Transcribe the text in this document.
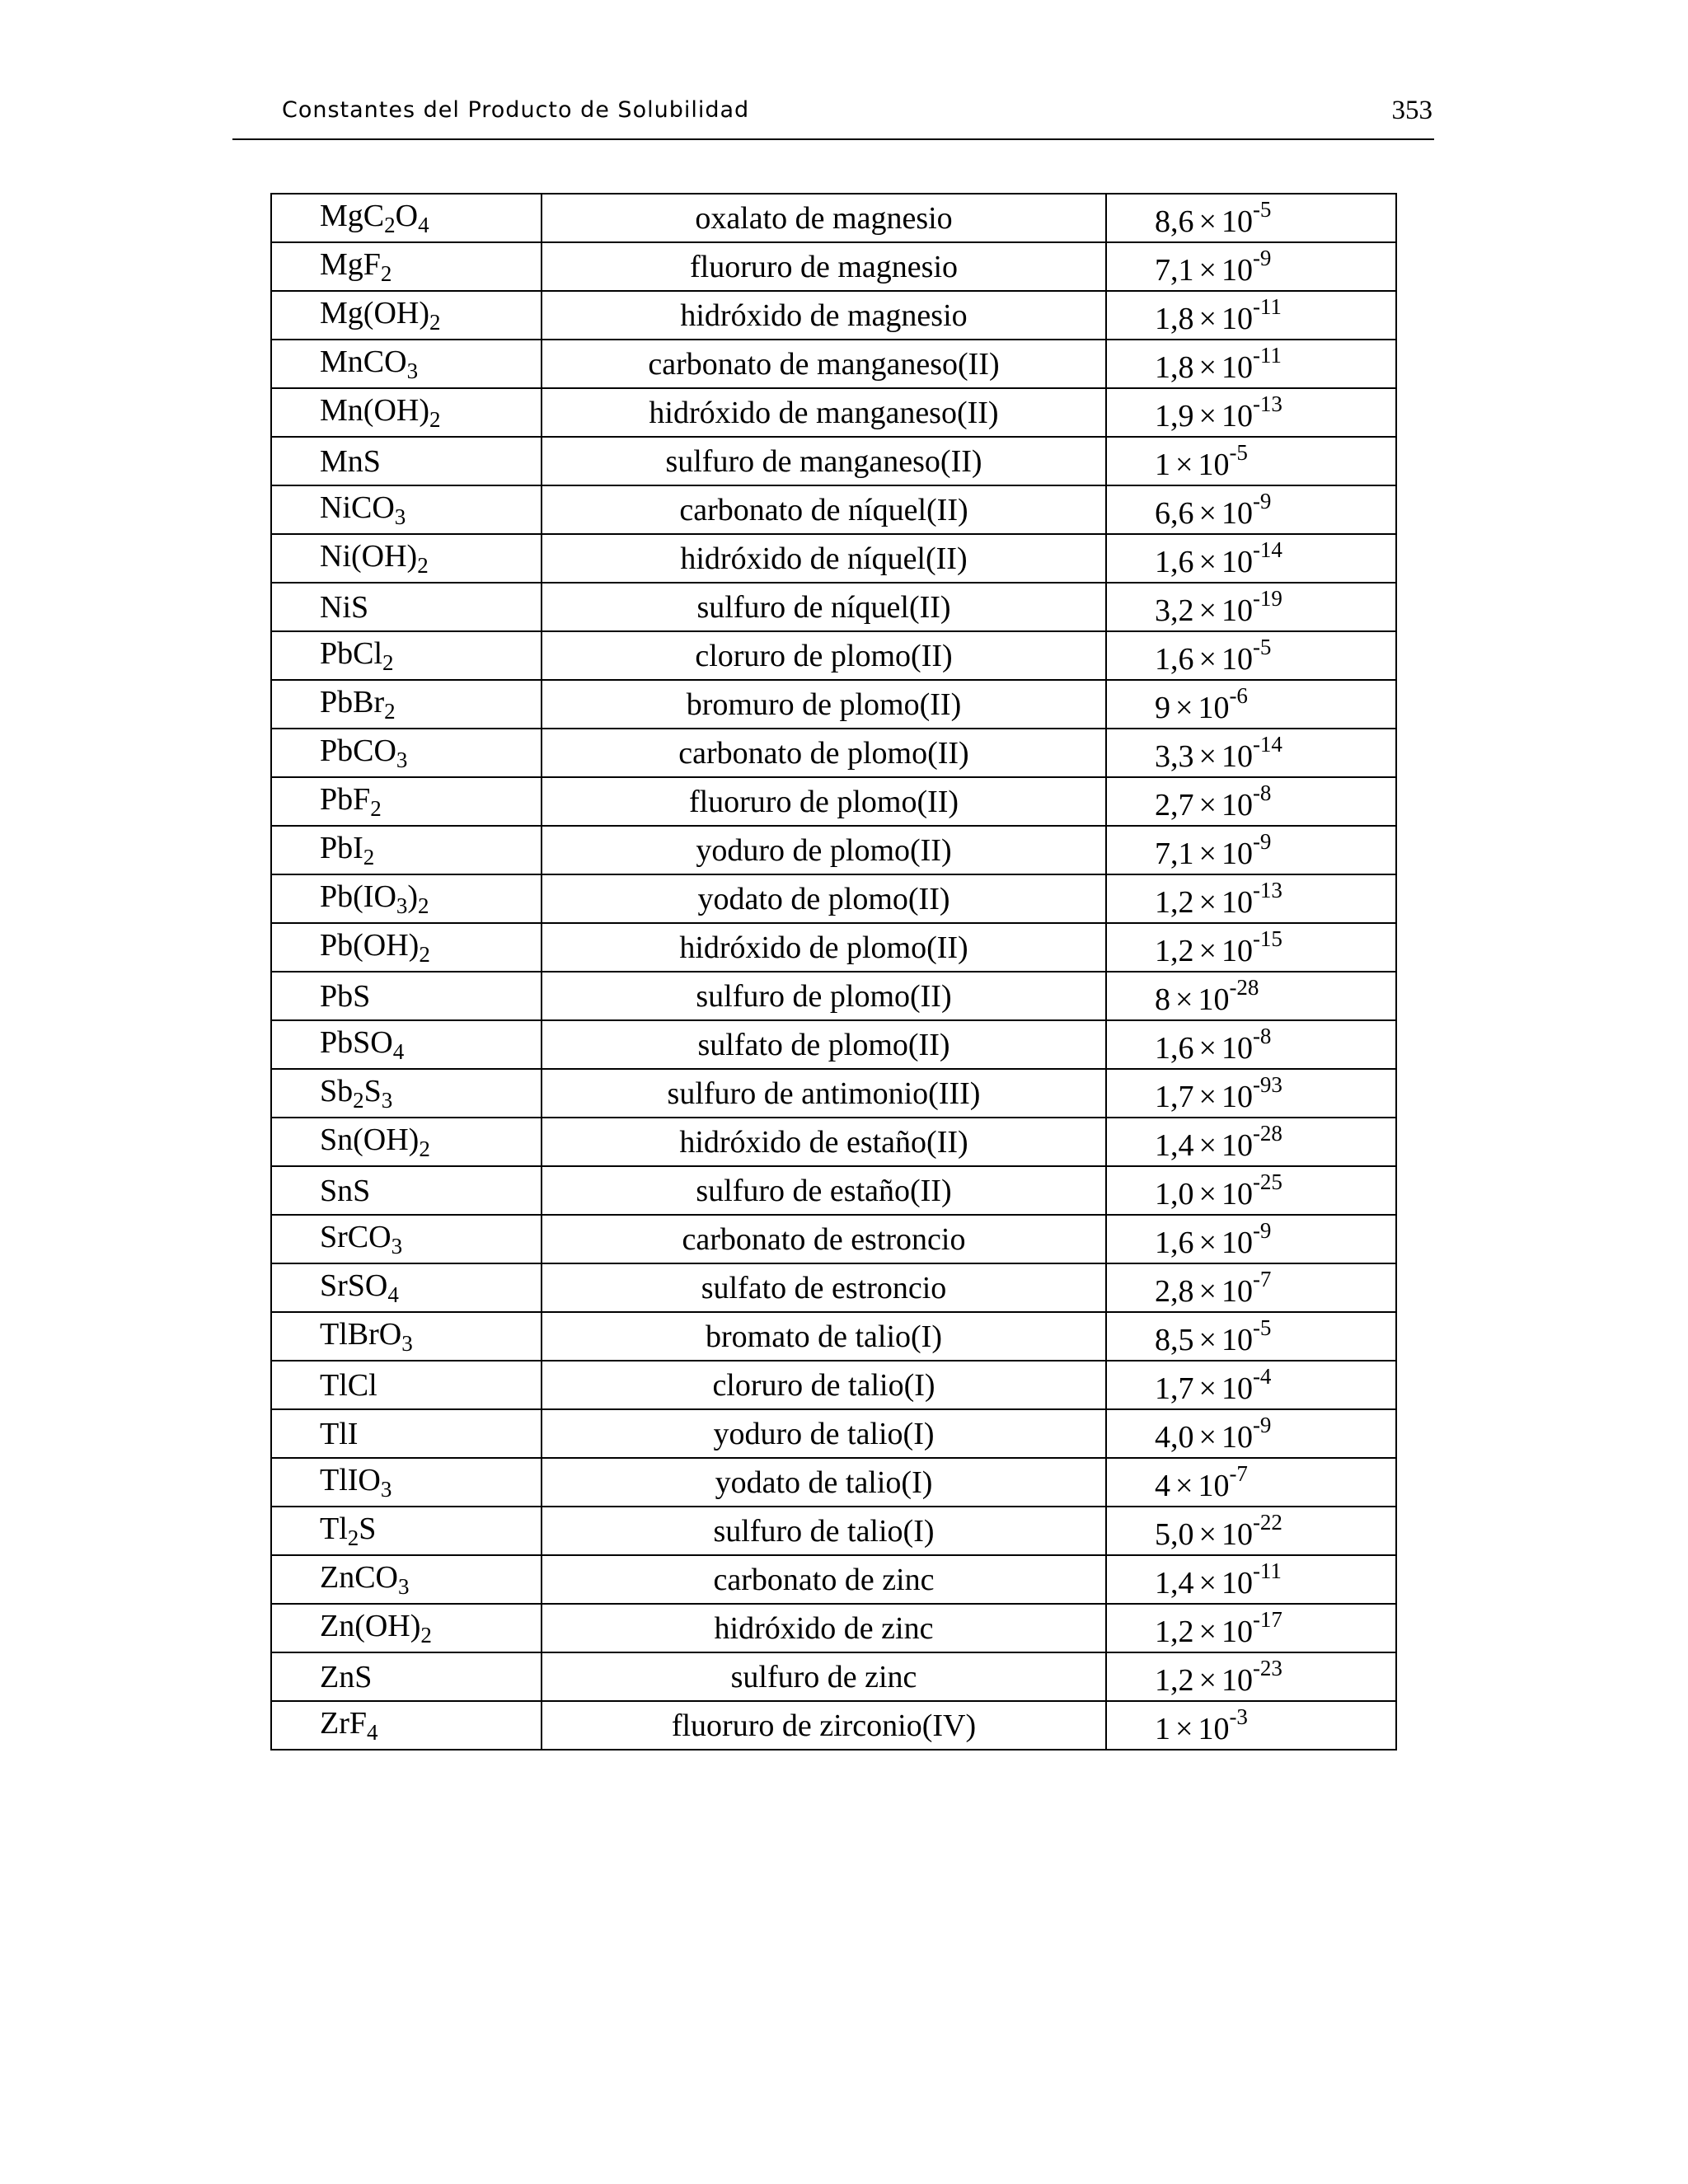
Constantes del Producto de Solubilidad	353
MgC2O4	oxalato de magnesio	8,6 × 10-5
MgF2	fluoruro de magnesio	7,1 × 10-9
Mg(OH)2	hidróxido de magnesio	1,8 × 10-11
MnCO3	carbonato de manganeso(II)	1,8 × 10-11
Mn(OH)2	hidróxido de manganeso(II)	1,9 × 10-13
MnS	sulfuro de manganeso(II)	1 × 10-5
NiCO3	carbonato de níquel(II)	6,6 × 10-9
Ni(OH)2	hidróxido de níquel(II)	1,6 × 10-14
NiS	sulfuro de níquel(II)	3,2 × 10-19
PbCl2	cloruro de plomo(II)	1,6 × 10-5
PbBr2	bromuro de plomo(II)	9 × 10-6
PbCO3	carbonato de plomo(II)	3,3 × 10-14
PbF2	fluoruro de plomo(II)	2,7 × 10-8
PbI2	yoduro de plomo(II)	7,1 × 10-9
Pb(IO3)2	yodato de plomo(II)	1,2 × 10-13
Pb(OH)2	hidróxido de plomo(II)	1,2 × 10-15
PbS	sulfuro de plomo(II)	8 × 10-28
PbSO4	sulfato de plomo(II)	1,6 × 10-8
Sb2S3	sulfuro de antimonio(III)	1,7 × 10-93
Sn(OH)2	hidróxido de estaño(II)	1,4 × 10-28
SnS	sulfuro de estaño(II)	1,0 × 10-25
SrCO3	carbonato de estroncio	1,6 × 10-9
SrSO4	sulfato de estroncio	2,8 × 10-7
TlBrO3	bromato de talio(I)	8,5 × 10-5
TlCl	cloruro de talio(I)	1,7 × 10-4
TlI	yoduro de talio(I)	4,0 × 10-9
TlIO3	yodato de talio(I)	4 × 10-7
Tl2S	sulfuro de talio(I)	5,0 × 10-22
ZnCO3	carbonato de zinc	1,4 × 10-11
Zn(OH)2	hidróxido de zinc	1,2 × 10-17
ZnS	sulfuro de zinc	1,2 × 10-23
ZrF4	fluoruro de zirconio(IV)	1 × 10-3
